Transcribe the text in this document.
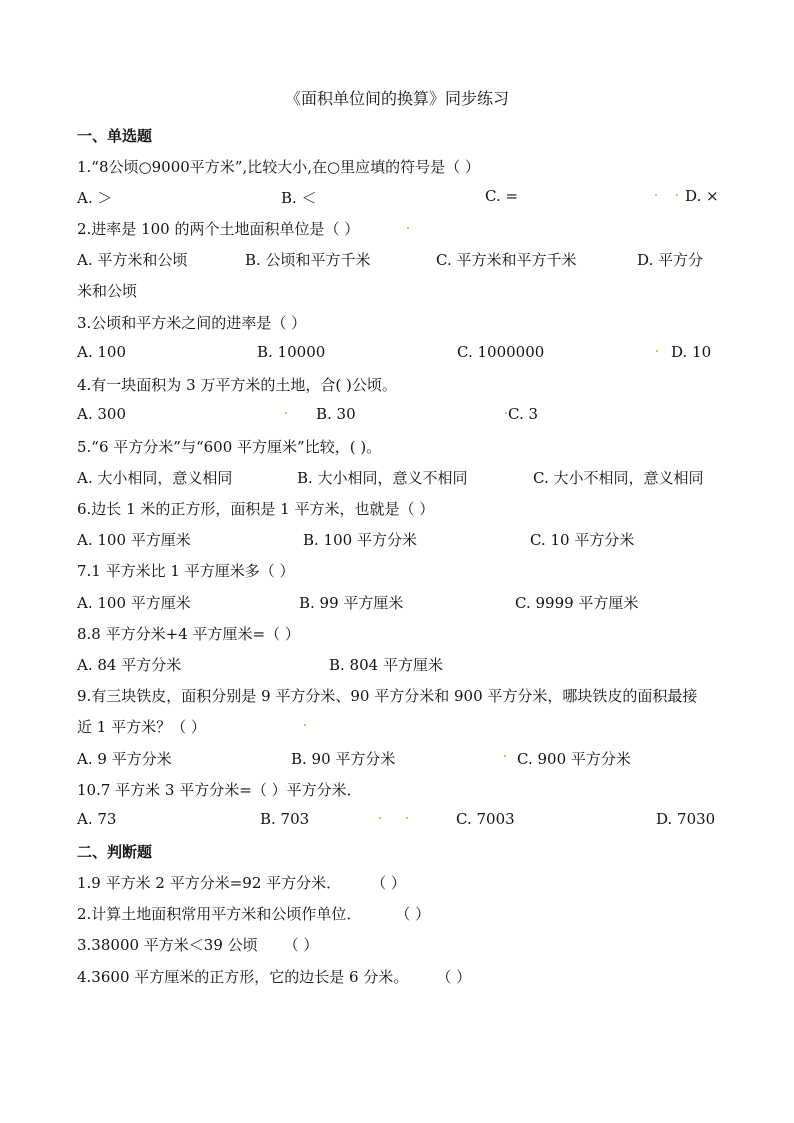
《面积单位间的换算》同步练习
一、单选题
1.“8公顷○9000平方米”,比较大小,在○里应填的符号是（ ）
A. ＞	B. ＜	C. =	D. ×
2.进率是 100 的两个土地面积单位是（ ）
A. 平方米和公顷	B. 公顷和平方千米	C. 平方米和平方千米	D. 平方分
米和公顷
3.公顷和平方米之间的进率是（ ）
A. 100	B. 10000	C. 1000000	D. 10
4.有一块面积为 3 万平方米的土地，合( )公顷。
A. 300	B. 30	C. 3
5.“6 平方分米”与“600 平方厘米”比较，( )。
A. 大小相同，意义相同	B. 大小相同，意义不相同	C. 大小不相同，意义相同
6.边长 1 米的正方形，面积是 1 平方米，也就是（ ）
A. 100 平方厘米	B. 100 平方分米	C. 10 平方分米
7.1 平方米比 1 平方厘米多（ ）
A. 100 平方厘米	B. 99 平方厘米	C. 9999 平方厘米
8.8 平方分米+4 平方厘米=（ ）
A. 84 平方分米	B. 804 平方厘米
9.有三块铁皮，面积分别是 9 平方分米、90 平方分米和 900 平方分米，哪块铁皮的面积最接
近 1 平方米？（ ）
A. 9 平方分米	B. 90 平方分米	C. 900 平方分米
10.7 平方米 3 平方分米=（ ）平方分米．
A. 73	B. 703	C. 7003	D. 7030
二、判断题
1.9 平方米 2 平方分米=92 平方分米． （ ）
2.计算土地面积常用平方米和公顷作单位． （ ）
3.38000 平方米＜39 公顷 （ ）
4.3600 平方厘米的正方形，它的边长是 6 分米。 （ ）
